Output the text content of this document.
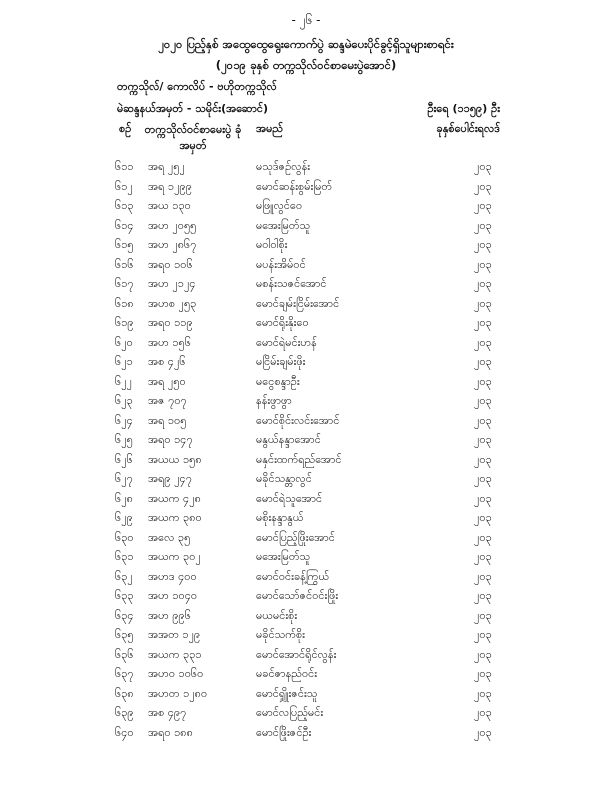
- ၂၆ -
၂၀၂၀ ပြည့်နှစ် အထွေထွေရွေးကောက်ပွဲ ဆန္ဒမဲပေးပိုင်ခွင့်ရှိသူများစာရင်း
(၂၀၁၉ ခုနှစ် တက္ကသိုလ်ဝင်စာမေးပွဲအောင်)
တက္ကသိုလ်/ ကောလိပ် - ဗဟိုတက္ကသိုလ်
မဲဆန္ဒနယ်အမှတ် - သမိုင်း(အဆောင်)	ဦးရေ (၁၁၅၉) ဦး
စဉ် တက္ကသိုလ်ဝင်စာမေးပွဲ ခုံအမှတ်
အမည်	ခုနှစ်ပေါင်းရလဒ်
၆၁၁ အရ ၂၅၂	မသုဒ်ဇဉ်လွန်း	၂၀၃
၆၁၂ အရ ၁၂၉၉	မောင်ဆန်းစွမ်းမြတ်	၂၀၃
၆၁၃ အယ ၁၃၀	မဖြူလွင်ဝေ	၂၀၃
၆၁၄ အဟ ၂၀၅၅	မအေးမြတ်သူ	၂၀၃
၆၁၅ အဟ ၂၈၆၇	မဝါဝါစိုး	၂၀၃
၆၁၆ အရ၀ ၁၀၆	မပန်းအိမ်ဝင်	၂၀၃
၆၁၇ အဟ ၂၁၂၄	မစန်းသဇင်အောင်	၂၀၃
၆၁၈ အဟစ ၂၅၃	မောင်ချမ်းငြိမ်းအောင်	၂၀၃
၆၁၉ အရ၀ ၁၁၉	မောင်ရိုးနိုးဝေ	၂၀၃
၆၂၀ အဟ ၁၅၆	မောင်ရဲမင်းဟန်	၂၀၃
၆၂၁ အစ ၄၂၆	မငြိမ်းချမ်းဖိုး	၂၀၃
၆၂၂ အရ ၂၅၀	မငွေစန္ဒာဦး	၂၀၃
၆၂၃ အဇ ၇၀၇	နန်းဖွာဖွာ	၂၀၃
၆၂၄ အရ ၁၀၅	မောင်စိုင်းလင်းအောင်	၂၀၃
၆၂၅ အရ၀ ၁၄၇	မနွယ်နန္ဒာအောင်	၂၀၃
၆၂၆ အယယ ၁၅၈	မနှင်းထက်ရည်အောင်	၂၀၃
၆၂၇ အရ၉ ၂၄၇	မခိုင်သန္တာလွင်	၂၀၃
၆၂၈ အယက ၄၂၈	မောင်ရဲသူအောင်	၂၀၃
၆၂၉ အယက ၃၈၀	မစိုးနန္ဒာနွယ်	၂၀၃
၆၃၀ အလေ ၃၅	မောင်ပြည့်ဖြိုးအောင်	၂၀၃
၆၃၁ အယက ၃၀၂	မအေးမြတ်သူ	၂၀၃
၆၃၂ အဟဒ ၄၀၀	မောင်ဝင်းခန့်ကြွယ်	၂၀၃
၆၃၃ အဟ ၁၀၄၀	မောင်သော်ဇင်ဝင်းဖြိုး	၂၀၃
၆၃၄ အဟ ၉၉၆	မယမင်းစိုး	၂၀၃
၆၃၅ အအတ ၁၂၉	မခိုင်သက်စိုး	၂၀၃
၆၃၆ အယက ၃၃၁	မောင်အောင်ရိုင်လွန်း	၂၀၃
၆၃၇ အဟ၀ ၁၀၆၀	မခင်ဇာနည်ဝင်း	၂၀၃
၆၃၈ အဟတ ၁၂၈၀	မောင်ရျှိုးဇင်းသူ	၂၀၃
၆၃၉ အစ ၄၉၇	မောင်လပြည့်မင်း	၂၀၃
၆၄၀ အရ၀ ၁၈၈	မောင်ဖြိုးဇင်ဦး	၂၀၃
